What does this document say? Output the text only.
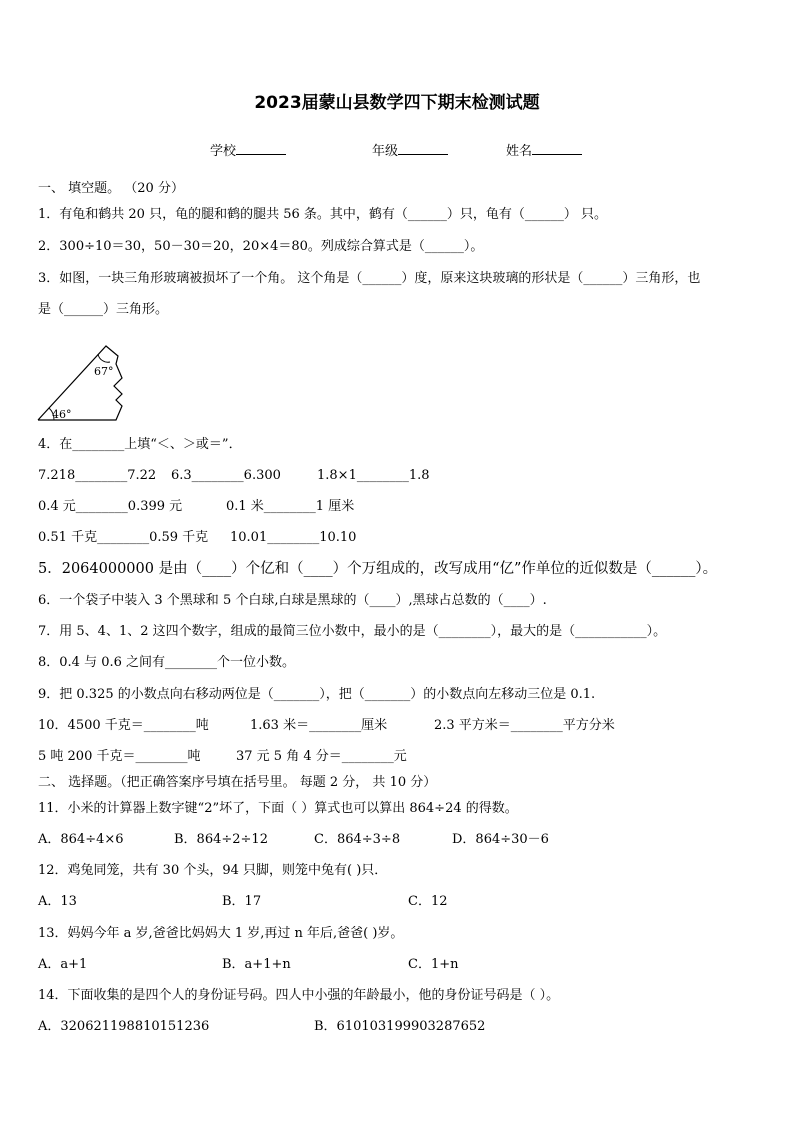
2023届蒙山县数学四下期末检测试题
学校	年级	姓名
一、 填空题。 （20 分）
1．有龟和鹤共 20 只，龟的腿和鹤的腿共 56 条。其中，鹤有（______）只，龟有（______） 只。
2．300÷10＝30，50－30＝20，20×4＝80。列成综合算式是（______）。
3．如图，一块三角形玻璃被损坏了一个角。 这个角是（______）度，原来这块玻璃的形状是（______）三角形，也
是（______）三角形。
67°
46°
4．在________上填“＜、＞或＝”．
7.218________7.22 6.3________6.300	1.8×1________1.8
0.4 元________0.399 元	0.1 米________1 厘米
0.51 千克________0.59 千克 10.01________10.10
5．2064000000 是由（____）个亿和（____）个万组成的，改写成用“亿”作单位的近似数是（______）。
6．一个袋子中装入 3 个黑球和 5 个白球,白球是黑球的（____）,黑球占总数的（____）.
7．用 5、4、1、2 这四个数字，组成的最简三位小数中，最小的是（________），最大的是（___________）。
8．0.4 与 0.6 之间有________个一位小数。
9．把 0.325 的小数点向右移动两位是（_______），把（_______）的小数点向左移动三位是 0.1.
10．4500 千克＝________吨	1.63 米＝________厘米	2.3 平方米＝________平方分米
5 吨 200 千克＝________吨	37 元 5 角 4 分＝________元
二、 选择题。（把正确答案序号填在括号里。 每题 2 分， 共 10 分）
11．小米的计算器上数字键“2”坏了，下面（ ）算式也可以算出 864÷24 的得数。
A．864÷4×6	B．864÷2÷12	C．864÷3÷8	D．864÷30－6
12．鸡兔同笼，共有 30 个头，94 只脚，则笼中兔有( )只．
A．13	B．17	C．12
13．妈妈今年 a 岁,爸爸比妈妈大 1 岁,再过 n 年后,爸爸( )岁。
A．a+1	B．a+1+n	C．1+n
14．下面收集的是四个人的身份证号码。四人中小强的年龄最小，他的身份证号码是（ ）。
A．320621198810151236	B．610103199903287652
